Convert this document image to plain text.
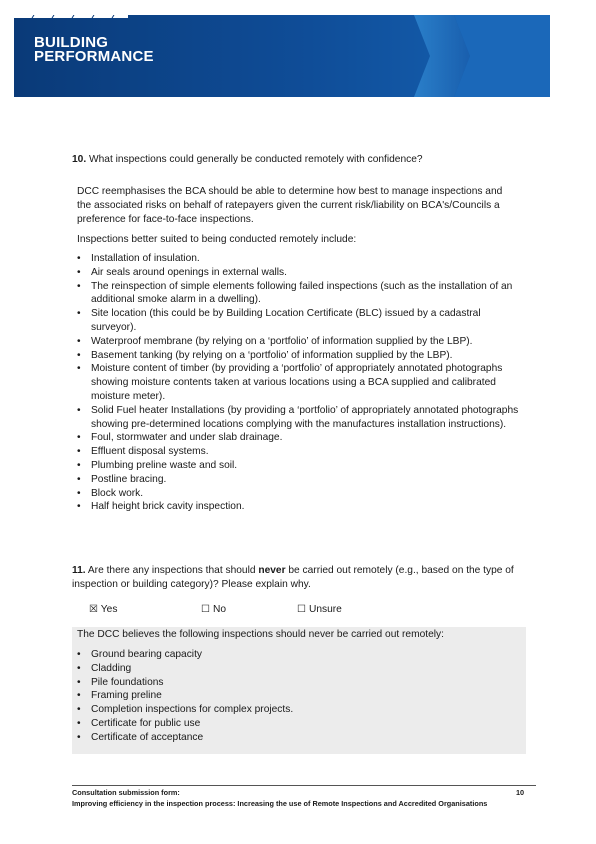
BUILDING
PERFORMANCE
10. What inspections could generally be conducted remotely with confidence?
DCC reemphasises the BCA should be able to determine how best to manage inspections and the associated risks on behalf of ratepayers given the current risk/liability on BCA's/Councils a preference for face-to-face inspections.
Inspections better suited to being conducted remotely include:
• Installation of insulation.
• Air seals around openings in external walls.
• The reinspection of simple elements following failed inspections (such as the installation of an additional smoke alarm in a dwelling).
• Site location (this could be by Building Location Certificate (BLC) issued by a cadastral surveyor).
• Waterproof membrane (by relying on a ‘portfolio’ of information supplied by the LBP).
• Basement tanking (by relying on a ‘portfolio’ of information supplied by the LBP).
• Moisture content of timber (by providing a ‘portfolio’ of appropriately annotated photographs showing moisture contents taken at various locations using a BCA supplied and calibrated moisture meter).
• Solid Fuel heater Installations (by providing a ‘portfolio’ of appropriately annotated photographs showing pre-determined locations complying with the manufactures installation instructions).
• Foul, stormwater and under slab drainage.
• Effluent disposal systems.
• Plumbing preline waste and soil.
• Postline bracing.
• Block work.
• Half height brick cavity inspection.
11. Are there any inspections that should never be carried out remotely (e.g., based on the type of inspection or building category)? Please explain why.
☒ Yes	☐ No	☐ Unsure
The DCC believes the following inspections should never be carried out remotely:
• Ground bearing capacity
• Cladding
• Pile foundations
• Framing preline
• Completion inspections for complex projects.
• Certificate for public use
• Certificate of acceptance
Consultation submission form:	10
Improving efficiency in the inspection process: Increasing the use of Remote Inspections and Accredited Organisations
